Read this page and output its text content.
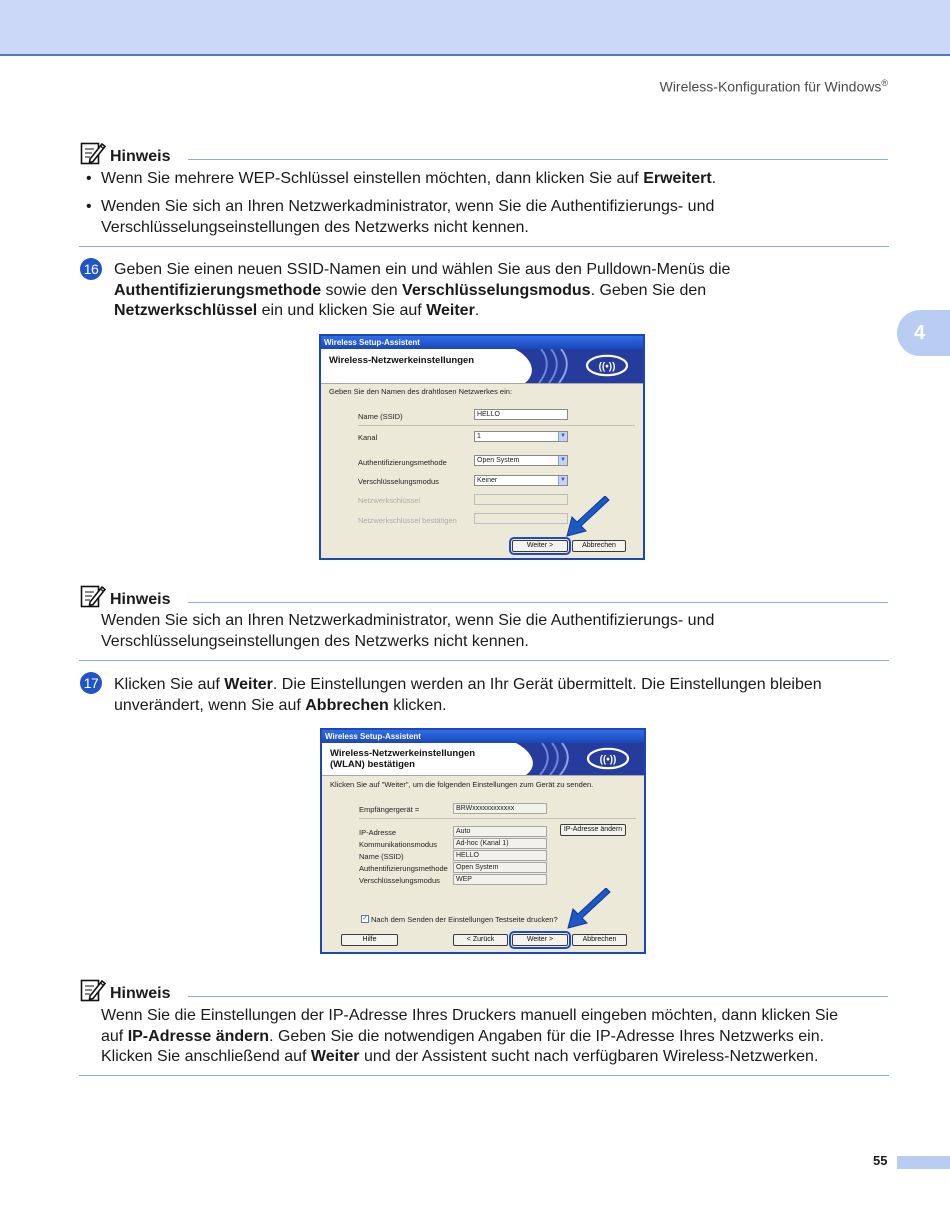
Wireless-Konfiguration für Windows®
4
Hinweis
• Wenn Sie mehrere WEP-Schlüssel einstellen möchten, dann klicken Sie auf Erweitert.
• Wenden Sie sich an Ihren Netzwerkadministrator, wenn Sie die Authentifizierungs- und
Verschlüsselungseinstellungen des Netzwerks nicht kennen.
16 Geben Sie einen neuen SSID-Namen ein und wählen Sie aus den Pulldown-Menüs die
Authentifizierungsmethode sowie den Verschlüsselungsmodus. Geben Sie den
Netzwerkschlüssel ein und klicken Sie auf Weiter.
Wireless Setup-Assistent
Wireless-Netzwerkeinstellungen
((•))
Geben Sie den Namen des drahtlosen Netzwerkes ein:
Name (SSID)	HELLO
Kanal	1	▼
Authentifizierungsmethode	Open System	▼
Verschlüsselungsmodus	Keiner	▼
Netzwerkschlüssel
Netzwerkschlüssel bestätigen
Weiter >	Abbrechen
Hinweis
Wenden Sie sich an Ihren Netzwerkadministrator, wenn Sie die Authentifizierungs- und
Verschlüsselungseinstellungen des Netzwerks nicht kennen.
17 Klicken Sie auf Weiter. Die Einstellungen werden an Ihr Gerät übermittelt. Die Einstellungen bleiben
unverändert, wenn Sie auf Abbrechen klicken.
Wireless Setup-Assistent
Wireless-Netzwerkeinstellungen
(WLAN) bestätigen	((•))
Klicken Sie auf "Weiter", um die folgenden Einstellungen zum Gerät zu senden.
Empfängergerät =	BRWxxxxxxxxxxxx
IP-Adresse	Auto	IP-Adresse ändern
Kommunikationsmodus	Ad-hoc (Kanal 1)
Name (SSID)	HELLO
Authentifizierungsmethode	Open System
Verschlüsselungsmodus	WEP
✓ Nach dem Senden der Einstellungen Testseite drucken?
Hilfe	< Zurück	Weiter >	Abbrechen
Hinweis
Wenn Sie die Einstellungen der IP-Adresse Ihres Druckers manuell eingeben möchten, dann klicken Sie
auf IP-Adresse ändern. Geben Sie die notwendigen Angaben für die IP-Adresse Ihres Netzwerks ein.
Klicken Sie anschließend auf Weiter und der Assistent sucht nach verfügbaren Wireless-Netzwerken.
55
